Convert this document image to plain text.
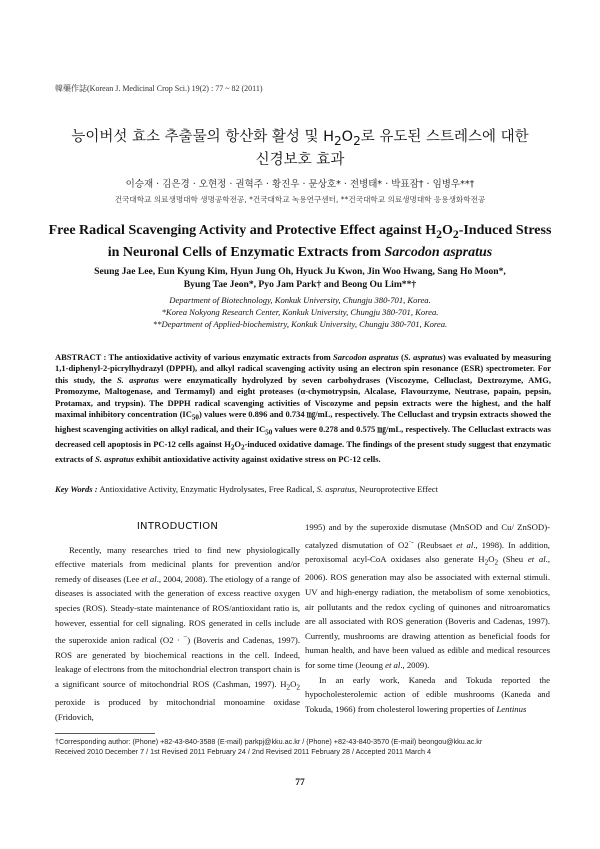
韓藥作誌(Korean J. Medicinal Crop Sci.) 19(2) : 77 ~ 82 (2011)
능이버섯 효소 추출물의 항산화 활성 및 $H_2O_2$로 유도된 스트레스에 대한
신경보호 효과
이승재 · 김은경 · 오현정 · 권혁주 · 황진우 · 문상호* · 전병태* · 박표잠† · 임병우**†
건국대학교 의료생명대학 생명공학전공, *건국대학교 녹용연구센터, **건국대학교 의료생명대학 응용생화학전공
Free Radical Scavenging Activity and Protective Effect against $H_2O_2$-Induced Stress
in Neuronal Cells of Enzymatic Extracts from Sarcodon aspratus
Seung Jae Lee, Eun Kyung Kim, Hyun Jung Oh, Hyuck Ju Kwon, Jin Woo Hwang, Sang Ho Moon*,
Byung Tae Jeon*, Pyo Jam Park† and Beong Ou Lim**†
Department of Biotechnology, Konkuk University, Chungju 380-701, Korea.
*Korea Nokyong Research Center, Konkuk University, Chungju 380-701, Korea.
**Department of Applied-biochemistry, Konkuk University, Chungju 380-701, Korea.
ABSTRACT : The antioxidative activity of various enzymatic extracts from Sarcodon aspratus (S. aspratus) was evaluated by measuring 1,1-diphenyl-2-picrylhydrazyl (DPPH), and alkyl radical scavenging activity using an electron spin resonance (ESR) spectrometer. For this study, the S. aspratus were enzymatically hydrolyzed by seven carbohydrases (Viscozyme, Celluclast, Dextrozyme, AMG, Promozyme, Maltogenase, and Termamyl) and eight proteases (α-chymotrypsin, Alcalase, Flavourzyme, Neutrase, papain, pepsin, Protamax, and trypsin). The DPPH radical scavenging activities of Viscozyme and pepsin extracts were the highest, and the half maximal inhibitory concentration $(IC_{50})$ values were 0.896 and 0.734 ㎎/mL, respectively. The Celluclast and trypsin extracts showed the highest scavenging activities on alkyl radical, and their $IC_{50}$ values were 0.278 and 0.575 ㎎/mL, respectively. The Celluclast extracts was decreased cell apoptosis in PC-12 cells against $H_2O_2$-induced oxidative damage. The findings of the present study suggest that enzymatic extracts of S. aspratus exhibit antioxidative activity against oxidative stress on PC-12 cells.
Key Words : Antioxidative Activity, Enzymatic Hydrolysates, Free Radical, S. aspratus, Neuroprotective Effect
INTRODUCTION

Recently, many researches tried to find new physiologically effective materials from medicinal plants for prevention and/or remedy of diseases (Lee et al., 2004, 2008). The etiology of a range of diseases is associated with the generation of excess reactive oxygen species (ROS). Steady-state maintenance of ROS/antioxidant ratio is, however, essential for cell signaling. ROS generated in cells include the superoxide anion radical (O2 · −) (Boveris and Cadenas, 1997). ROS are generated by biochemical reactions in the cell. Indeed, leakage of electrons from the mitochondrial electron transport chain is a significant source of mitochondrial ROS (Cashman, 1997). $H_2O_2$ peroxide is produced by mitochondrial monoamine oxidase (Fridovich,

1995) and by the superoxide dismutase (MnSOD and Cu/ ZnSOD)-catalyzed dismutation of O2·- (Reubsaet et al., 1998). In addition, peroxisomal acyl-CoA oxidases also generate $H_2O_2$ (Sheu et al., 2006). ROS generation may also be associated with external stimuli. UV and high-energy radiation, the metabolism of some xenobiotics, air pollutants and the redox cycling of quinones and nitroaromatics are all associated with ROS generation (Boveris and Cadenas, 1997). Currently, mushrooms are drawing attention as beneficial foods for human health, and have been valued as edible and medical resources for some time (Jeoung et al., 2009).

In an early work, Kaneda and Tokuda reported the hypocholesterolemic action of edible mushrooms (Kaneda and Tokuda, 1966) from cholesterol lowering properties of Lentinus

†Corresponding author: (Phone) +82-43-840-3588 (E-mail) parkpj@kku.ac.kr / (Phone) +82-43-840-3570 (E-mail) beongou@kku.ac.kr
Received 2010 December 7 / 1st Revised 2011 February 24 / 2nd Revised 2011 February 28 / Accepted 2011 March 4
77
